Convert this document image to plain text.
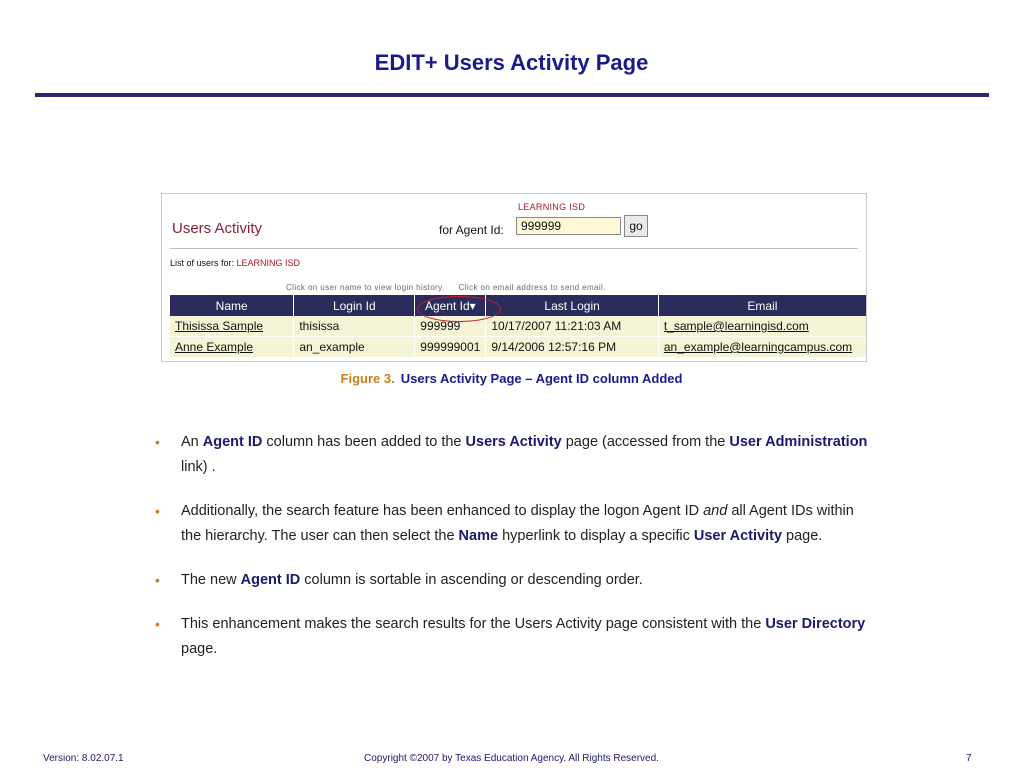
EDIT+ Users Activity Page
LEARNING ISD
Users Activity	for Agent Id:
999999	go
List of users for: LEARNING ISD
Click on user name to view login history. Click on email address to send email.
Name	Login Id	Agent Id▾	Last Login	Email
Thisissa Sample	thisissa	999999	10/17/2007 11:21:03 AM	t_sample@learningisd.com
Anne Example	an_example	999999001	9/14/2006 12:57:16 PM	an_example@learningcampus.com
Figure 3. Users Activity Page – Agent ID column Added
• An Agent ID column has been added to the Users Activity page (accessed from the User Administration link) .
• Additionally, the search feature has been enhanced to display the logon Agent ID and all Agent IDs within the hierarchy. The user can then select the Name hyperlink to display a specific User Activity page.
• The new Agent ID column is sortable in ascending or descending order.
• This enhancement makes the search results for the Users Activity page consistent with the User Directory page.
Version: 8.02.07.1	Copyright ©2007 by Texas Education Agency. All Rights Reserved.	7
